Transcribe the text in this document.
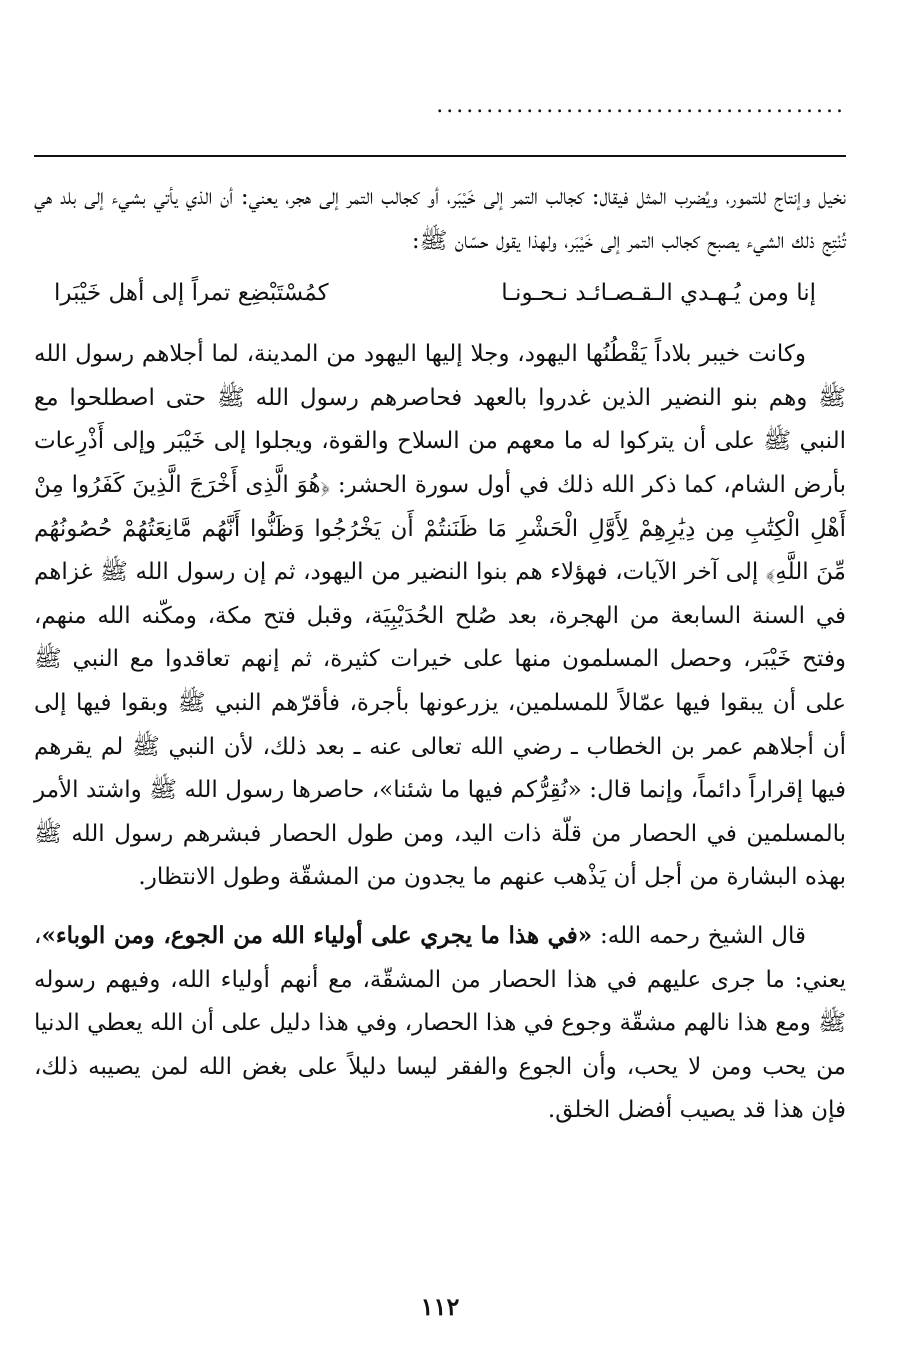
.........................................

نخيل وإنتاج للتمور، ويُضرب المثل فيقال: كجالب التمر إلى خَيْبَر، أو كجالب التمر إلى هجر، يعني: أن الذي يأتي بشيء إلى بلد هي تُنْتِج ذلك الشيء يصبح كجالب التمر إلى خَيْبَر، ولهذا يقول حسّان ﷺ:

إنا ومن يُـهـدي الـقـصـائـد نـحـونـا
كمُسْتَبْضِع تمراً إلى أهل خَيْبَرا

وكانت خيبر بلاداً يَقْطُنُها اليهود، وجلا إليها اليهود من المدينة، لما أجلاهم رسول الله ﷺ وهم بنو النضير الذين غدروا بالعهد فحاصرهم رسول الله ﷺ حتى اصطلحوا مع النبي ﷺ على أن يتركوا له ما معهم من السلاح والقوة، ويجلوا إلى خَيْبَر وإلى أَذْرِعات بأرض الشام، كما ذكر الله ذلك في أول سورة الحشر: ﴿هُوَ الَّذِى أَخْرَجَ الَّذِينَ كَفَرُوا مِنْ أَهْلِ الْكِتَٰبِ مِن دِيَٰرِهِمْ لِأَوَّلِ الْحَشْرِ مَا ظَنَنتُمْ أَن يَخْرُجُوا وَظَنُّوا أَنَّهُم مَّانِعَتُهُمْ حُصُونُهُم مِّنَ اللَّهِ﴾ إلى آخر الآيات، فهؤلاء هم بنوا النضير من اليهود، ثم إن رسول الله ﷺ غزاهم في السنة السابعة من الهجرة، بعد صُلح الحُدَيْبِيَة، وقبل فتح مكة، ومكّنه الله منهم، وفتح خَيْبَر، وحصل المسلمون منها على خيرات كثيرة، ثم إنهم تعاقدوا مع النبي ﷺ على أن يبقوا فيها عمّالاً للمسلمين، يزرعونها بأجرة، فأقرّهم النبي ﷺ وبقوا فيها إلى أن أجلاهم عمر بن الخطاب ـ رضي الله تعالى عنه ـ بعد ذلك، لأن النبي ﷺ لم يقرهم فيها إقراراً دائماً، وإنما قال: «نُقِرُّكم فيها ما شئنا»، حاصرها رسول الله ﷺ واشتد الأمر بالمسلمين في الحصار من قلّة ذات اليد، ومن طول الحصار فبشرهم رسول الله ﷺ بهذه البشارة من أجل أن يَذْهب عنهم ما يجدون من المشقّة وطول الانتظار.

قال الشيخ رحمه الله: «في هذا ما يجري على أولياء الله من الجوع، ومن الوباء»، يعني: ما جرى عليهم في هذا الحصار من المشقّة، مع أنهم أولياء الله، وفيهم رسوله ﷺ ومع هذا نالهم مشقّة وجوع في هذا الحصار، وفي هذا دليل على أن الله يعطي الدنيا من يحب ومن لا يحب، وأن الجوع والفقر ليسا دليلاً على بغض الله لمن يصيبه ذلك، فإن هذا قد يصيب أفضل الخلق.

١١٢
